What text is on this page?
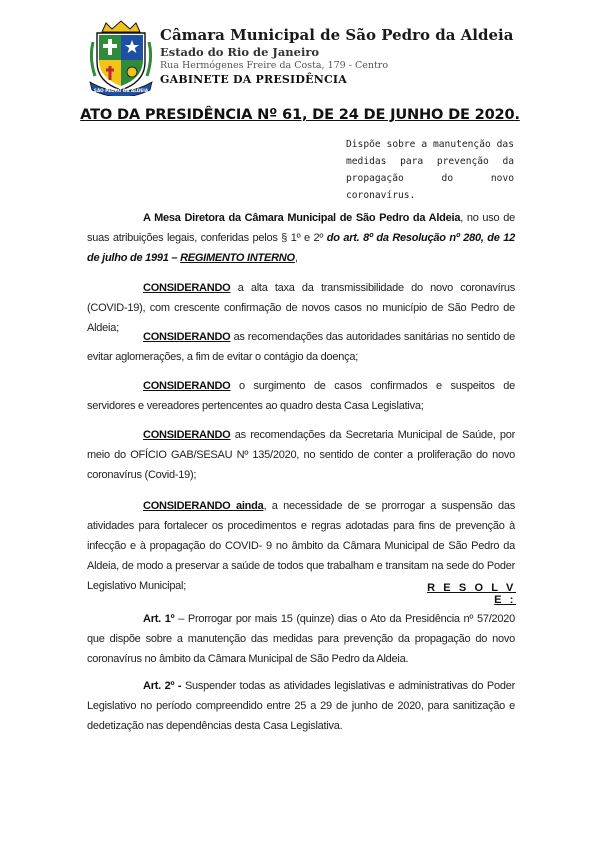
SÃO PEDRO DA ALDEIA
Câmara Municipal de São Pedro da Aldeia
Estado do Rio de Janeiro
Rua Hermógenes Freire da Costa, 179 - Centro
GABINETE DA PRESIDÊNCIA
ATO DA PRESIDÊNCIA Nº 61, DE 24 DE JUNHO DE 2020.
Dispõe sobre a manutenção das medidas para prevenção da propagação do novo coronavírus.
A Mesa Diretora da Câmara Municipal de São Pedro da Aldeia, no uso de suas atribuições legais, conferidas pelos § 1º e 2º do art. 8º da Resolução nº 280, de 12 de julho de 1991 – REGIMENTO INTERNO,
CONSIDERANDO a alta taxa da transmissibilidade do novo coronavírus (COVID-19), com crescente confirmação de novos casos no município de São Pedro de Aldeia;
CONSIDERANDO as recomendações das autoridades sanitárias no sentido de evitar aglomerações, a fim de evitar o contágio da doença;
CONSIDERANDO o surgimento de casos confirmados e suspeitos de servidores e vereadores pertencentes ao quadro desta Casa Legislativa;
CONSIDERANDO as recomendações da Secretaria Municipal de Saúde, por meio do OFÍCIO GAB/SESAU Nº 135/2020, no sentido de conter a proliferação do novo coronavírus (Covid-19);
CONSIDERANDO ainda, a necessidade de se prorrogar a suspensão das atividades para fortalecer os procedimentos e regras adotadas para fins de prevenção à infecção e à propagação do COVID- 9 no âmbito da Câmara Municipal de São Pedro da Aldeia, de modo a preservar a saúde de todos que trabalham e transitam na sede do Poder Legislativo Municipal;	R E S O L V E :
Art. 1º – Prorrogar por mais 15 (quinze) dias o Ato da Presidência nº 57/2020 que dispõe sobre a manutenção das medidas para prevenção da propagação do novo coronavírus no âmbito da Câmara Municipal de São Pedro da Aldeia.
Art. 2º - Suspender todas as atividades legislativas e administrativas do Poder Legislativo no período compreendido entre 25 a 29 de junho de 2020, para sanitização e dedetização nas dependências desta Casa Legislativa.
